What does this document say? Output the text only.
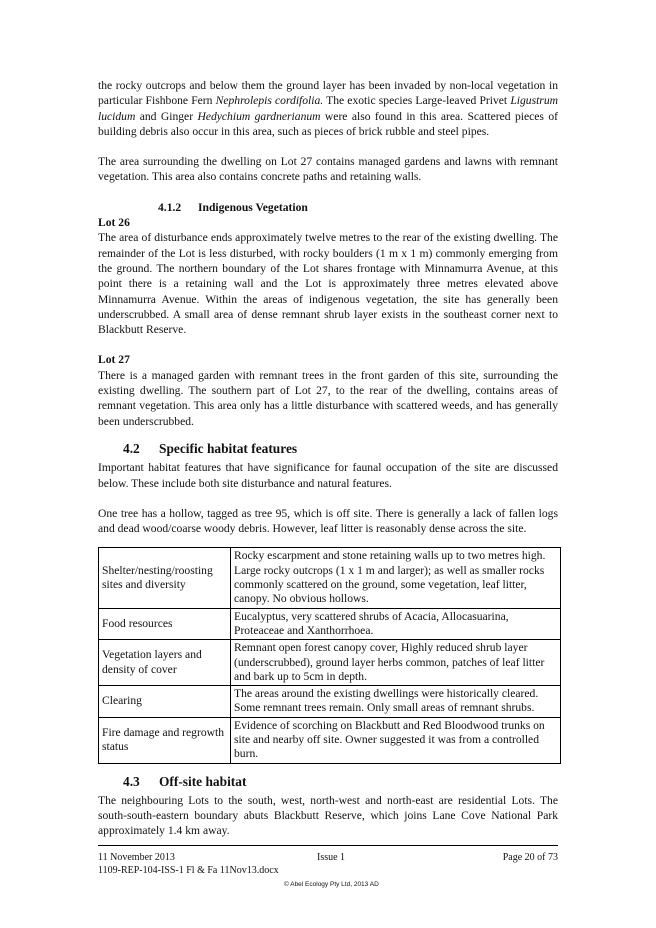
the rocky outcrops and below them the ground layer has been invaded by non-local vegetation in particular Fishbone Fern Nephrolepis cordifolia. The exotic species Large-leaved Privet Ligustrum lucidum and Ginger Hedychium gardnerianum were also found in this area. Scattered pieces of building debris also occur in this area, such as pieces of brick rubble and steel pipes.

The area surrounding the dwelling on Lot 27 contains managed gardens and lawns with remnant vegetation. This area also contains concrete paths and retaining walls.

4.1.2 Indigenous Vegetation
Lot 26

The area of disturbance ends approximately twelve metres to the rear of the existing dwelling. The remainder of the Lot is less disturbed, with rocky boulders (1 m x 1 m) commonly emerging from the ground. The northern boundary of the Lot shares frontage with Minnamurra Avenue, at this point there is a retaining wall and the Lot is approximately three metres elevated above Minnamurra Avenue. Within the areas of indigenous vegetation, the site has generally been underscrubbed. A small area of dense remnant shrub layer exists in the southeast corner next to Blackbutt Reserve.

Lot 27

There is a managed garden with remnant trees in the front garden of this site, surrounding the existing dwelling. The southern part of Lot 27, to the rear of the dwelling, contains areas of remnant vegetation. This area only has a little disturbance with scattered weeds, and has generally been underscrubbed.

4.2 Specific habitat features

Important habitat features that have significance for faunal occupation of the site are discussed below. These include both site disturbance and natural features.

One tree has a hollow, tagged as tree 95, which is off site. There is generally a lack of fallen logs and dead wood/coarse woody debris. However, leaf litter is reasonably dense across the site.

Shelter/nesting/roosting sites and diversity	Rocky escarpment and stone retaining walls up to two metres high. Large rocky outcrops (1 x 1 m and larger); as well as smaller rocks commonly scattered on the ground, some vegetation, leaf litter, canopy. No obvious hollows.
Food resources	Eucalyptus, very scattered shrubs of Acacia, Allocasuarina, Proteaceae and Xanthorrhoea.
Vegetation layers and density of cover	Remnant open forest canopy cover, Highly reduced shrub layer (underscrubbed), ground layer herbs common, patches of leaf litter and bark up to 5cm in depth.
Clearing	The areas around the existing dwellings were historically cleared. Some remnant trees remain. Only small areas of remnant shrubs.
Fire damage and regrowth status	Evidence of scorching on Blackbutt and Red Bloodwood trunks on site and nearby off site. Owner suggested it was from a controlled burn.
4.3 Off-site habitat

The neighbouring Lots to the south, west, north-west and north-east are residential Lots. The south-south-eastern boundary abuts Blackbutt Reserve, which joins Lane Cove National Park approximately 1.4 km away.

11 November 2013	Issue 1	Page 20 of 73
1109-REP-104-ISS-1 Fl & Fa 11Nov13.docx
© Abel Ecology Pty Ltd, 2013 AD
